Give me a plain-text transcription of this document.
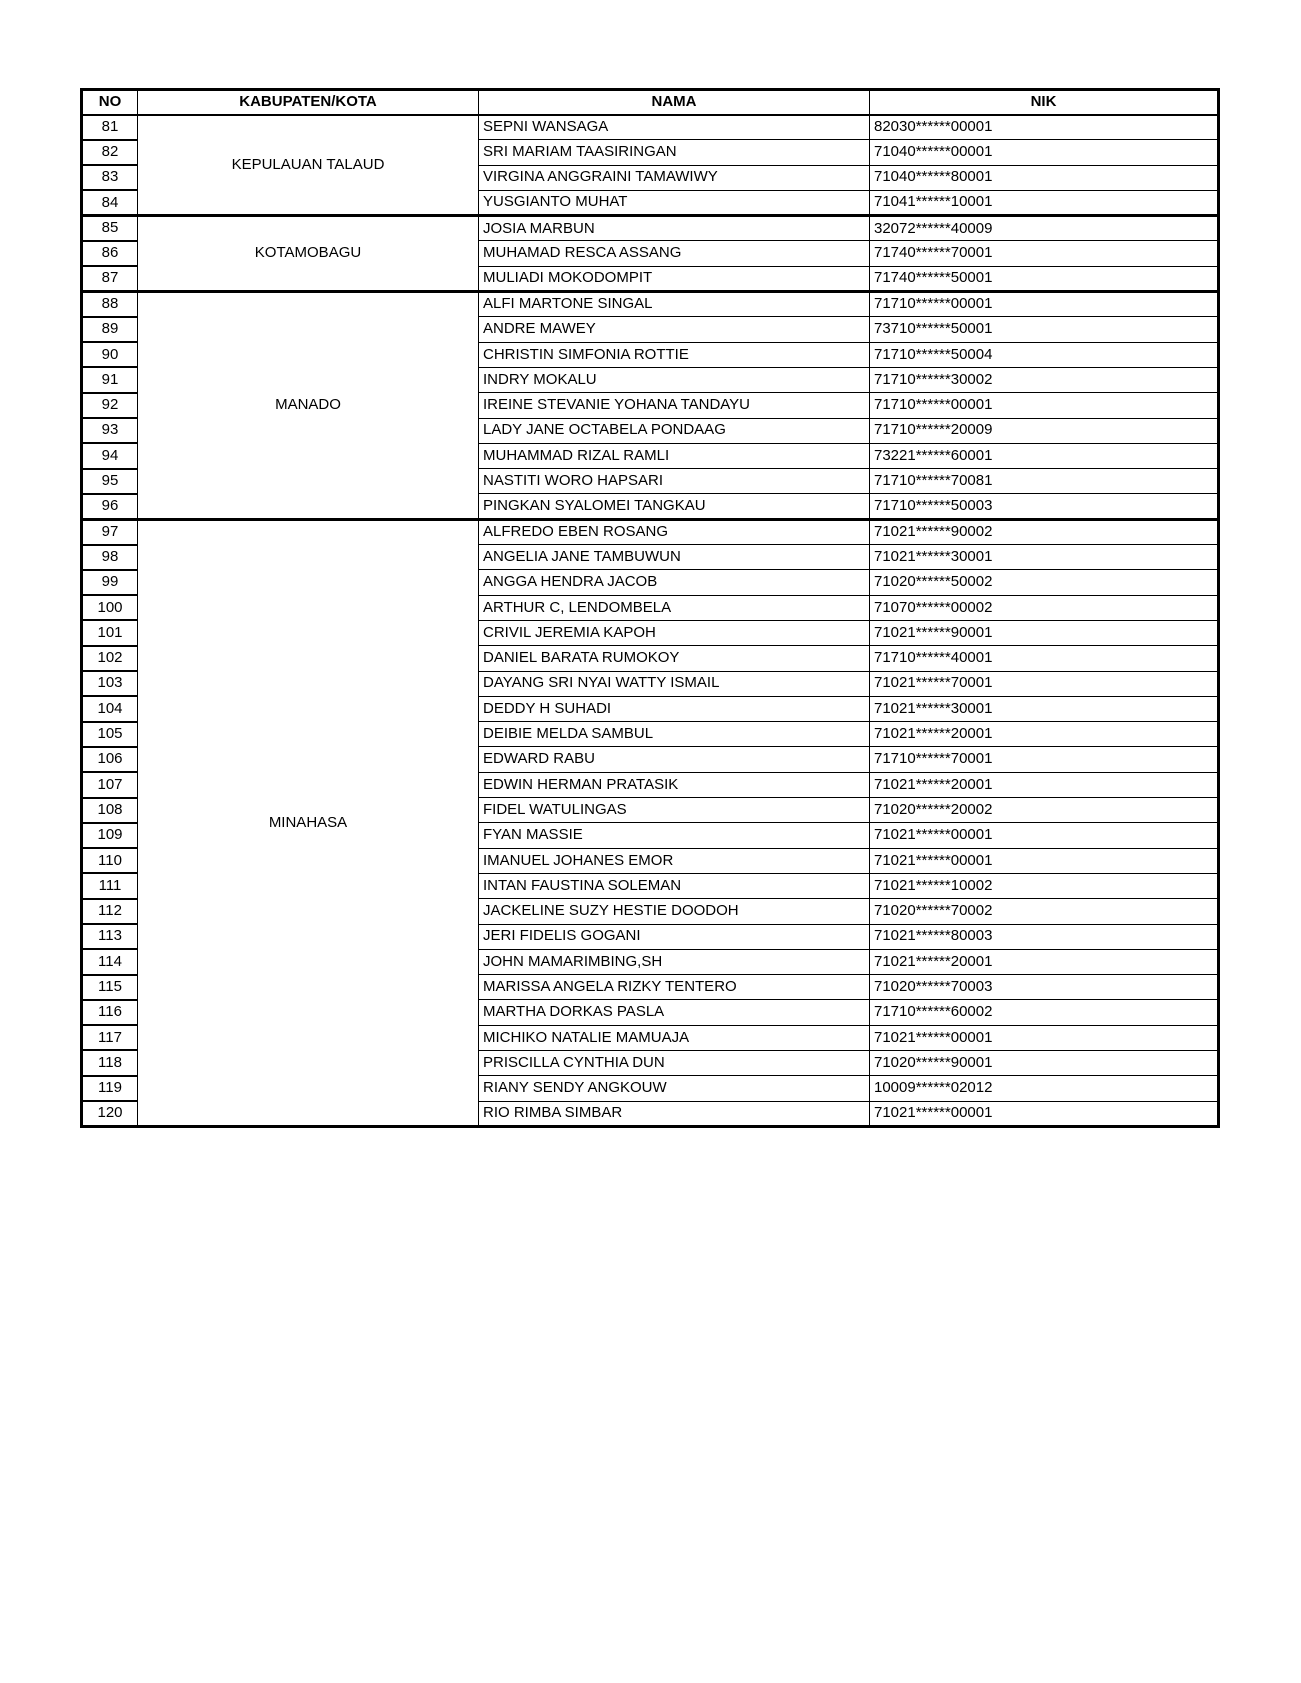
NO	KABUPATEN/KOTA	NAMA	NIK
81	KEPULAUAN TALAUD	SEPNI WANSAGA	82030******00001
82		SRI MARIAM TAASIRINGAN	71040******00001
83		VIRGINA ANGGRAINI TAMAWIWY	71040******80001
84		YUSGIANTO MUHAT	71041******10001
85	KOTAMOBAGU	JOSIA MARBUN	32072******40009
86		MUHAMAD RESCA ASSANG	71740******70001
87		MULIADI MOKODOMPIT	71740******50001
88	MANADO	ALFI MARTONE SINGAL	71710******00001
89		ANDRE MAWEY	73710******50001
90		CHRISTIN SIMFONIA ROTTIE	71710******50004
91		INDRY MOKALU	71710******30002
92		IREINE STEVANIE YOHANA TANDAYU	71710******00001
93		LADY JANE OCTABELA PONDAAG	71710******20009
94		MUHAMMAD RIZAL RAMLI	73221******60001
95		NASTITI WORO HAPSARI	71710******70081
96		PINGKAN SYALOMEI TANGKAU	71710******50003
97	MINAHASA	ALFREDO EBEN ROSANG	71021******90002
98		ANGELIA JANE TAMBUWUN	71021******30001
99		ANGGA HENDRA JACOB	71020******50002
100		ARTHUR C, LENDOMBELA	71070******00002
101		CRIVIL JEREMIA KAPOH	71021******90001
102		DANIEL BARATA RUMOKOY	71710******40001
103		DAYANG SRI NYAI WATTY ISMAIL	71021******70001
104		DEDDY H SUHADI	71021******30001
105		DEIBIE MELDA SAMBUL	71021******20001
106		EDWARD RABU	71710******70001
107		EDWIN HERMAN PRATASIK	71021******20001
108		FIDEL WATULINGAS	71020******20002
109		FYAN MASSIE	71021******00001
110		IMANUEL JOHANES EMOR	71021******00001
111		INTAN FAUSTINA SOLEMAN	71021******10002
112		JACKELINE SUZY HESTIE DOODOH	71020******70002
113		JERI FIDELIS GOGANI	71021******80003
114		JOHN MAMARIMBING,SH	71021******20001
115		MARISSA ANGELA RIZKY TENTERO	71020******70003
116		MARTHA DORKAS PASLA	71710******60002
117		MICHIKO NATALIE MAMUAJA	71021******00001
118		PRISCILLA CYNTHIA DUN	71020******90001
119		RIANY SENDY ANGKOUW	10009******02012
120		RIO RIMBA SIMBAR	71021******00001
